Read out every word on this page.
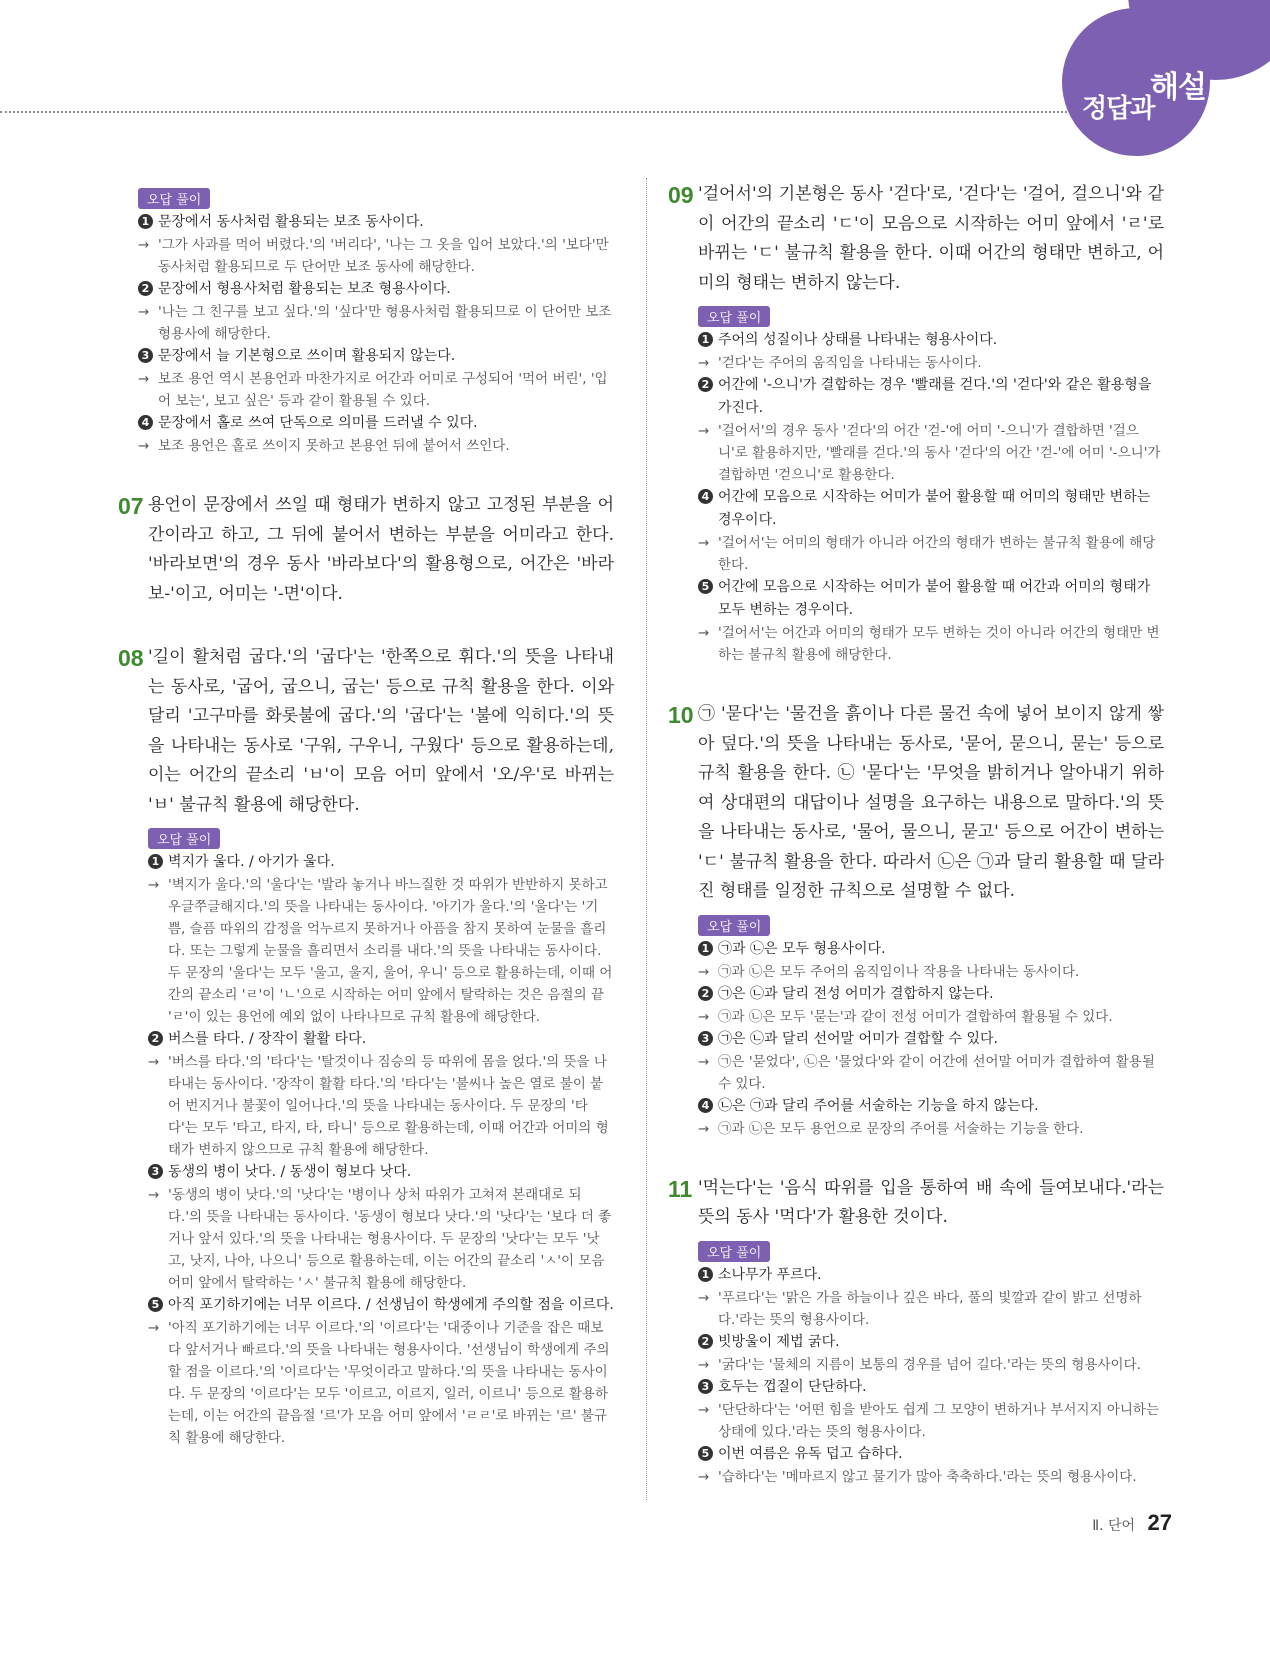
정답과
해설
오답 풀이

1 문장에서 동사처럼 활용되는 보조 동사이다.

→ '그가 사과를 먹어 버렸다.'의 '버리다', '나는 그 옷을 입어 보았다.'의 '보다'만 동사처럼 활용되므로 두 단어만 보조 동사에 해당한다.

2 문장에서 형용사처럼 활용되는 보조 형용사이다.

→ '나는 그 친구를 보고 싶다.'의 '싶다'만 형용사처럼 활용되므로 이 단어만 보조 형용사에 해당한다.

3 문장에서 늘 기본형으로 쓰이며 활용되지 않는다.

→ 보조 용언 역시 본용언과 마찬가지로 어간과 어미로 구성되어 '먹어 버린', '입어 보는', 보고 싶은' 등과 같이 활용될 수 있다.

4 문장에서 홀로 쓰여 단독으로 의미를 드러낼 수 있다.

→ 보조 용언은 홀로 쓰이지 못하고 본용언 뒤에 붙어서 쓰인다.

07 용언이 문장에서 쓰일 때 형태가 변하지 않고 고정된 부분을 어간이라고 하고, 그 뒤에 붙어서 변하는 부분을 어미라고 한다. '바라보면'의 경우 동사 '바라보다'의 활용형으로, 어간은 '바라보-'이고, 어미는 '-면'이다.

08 '길이 활처럼 굽다.'의 '굽다'는 '한쪽으로 휘다.'의 뜻을 나타내는 동사로, '굽어, 굽으니, 굽는' 등으로 규칙 활용을 한다. 이와 달리 '고구마를 화롯불에 굽다.'의 '굽다'는 '불에 익히다.'의 뜻을 나타내는 동사로 '구워, 구우니, 구웠다' 등으로 활용하는데, 이는 어간의 끝소리 'ㅂ'이 모음 어미 앞에서 '오/우'로 바뀌는 'ㅂ' 불규칙 활용에 해당한다.

오답 풀이

1 벽지가 울다. / 아기가 울다.

→ '벽지가 울다.'의 '울다'는 '발라 놓거나 바느질한 것 따위가 반반하지 못하고 우글쭈글해지다.'의 뜻을 나타내는 동사이다. '아기가 울다.'의 '울다'는 '기쁨, 슬픔 따위의 감정을 억누르지 못하거나 아픔을 참지 못하여 눈물을 흘리다. 또는 그렇게 눈물을 흘리면서 소리를 내다.'의 뜻을 나타내는 동사이다. 두 문장의 '울다'는 모두 '울고, 울지, 울어, 우니' 등으로 활용하는데, 이때 어간의 끝소리 'ㄹ'이 'ㄴ'으로 시작하는 어미 앞에서 탈락하는 것은 음절의 끝 'ㄹ'이 있는 용언에 예외 없이 나타나므로 규칙 활용에 해당한다.

2 버스를 타다. / 장작이 활활 타다.

→ '버스를 타다.'의 '타다'는 '탈것이나 짐승의 등 따위에 몸을 얹다.'의 뜻을 나타내는 동사이다. '장작이 활활 타다.'의 '타다'는 '불씨나 높은 열로 불이 붙어 번지거나 불꽃이 일어나다.'의 뜻을 나타내는 동사이다. 두 문장의 '타다'는 모두 '타고, 타지, 타, 타니' 등으로 활용하는데, 이때 어간과 어미의 형태가 변하지 않으므로 규칙 활용에 해당한다.

3 동생의 병이 낫다. / 동생이 형보다 낫다.

→ '동생의 병이 낫다.'의 '낫다'는 '병이나 상처 따위가 고쳐져 본래대로 되다.'의 뜻을 나타내는 동사이다. '동생이 형보다 낫다.'의 '낫다'는 '보다 더 좋거나 앞서 있다.'의 뜻을 나타내는 형용사이다. 두 문장의 '낫다'는 모두 '낫고, 낫지, 나아, 나으니' 등으로 활용하는데, 이는 어간의 끝소리 'ㅅ'이 모음 어미 앞에서 탈락하는 'ㅅ' 불규칙 활용에 해당한다.

5 아직 포기하기에는 너무 이르다. / 선생님이 학생에게 주의할 점을 이르다.

→ '아직 포기하기에는 너무 이르다.'의 '이르다'는 '대중이나 기준을 잡은 때보다 앞서거나 빠르다.'의 뜻을 나타내는 형용사이다. '선생님이 학생에게 주의할 점을 이르다.'의 '이르다'는 '무엇이라고 말하다.'의 뜻을 나타내는 동사이다. 두 문장의 '이르다'는 모두 '이르고, 이르지, 일러, 이르니' 등으로 활용하는데, 이는 어간의 끝음절 '르'가 모음 어미 앞에서 'ㄹㄹ'로 바뀌는 '르' 불규칙 활용에 해당한다.

09 '걸어서'의 기본형은 동사 '걷다'로, '걷다'는 '걸어, 걸으니'와 같이 어간의 끝소리 'ㄷ'이 모음으로 시작하는 어미 앞에서 'ㄹ'로 바뀌는 'ㄷ' 불규칙 활용을 한다. 이때 어간의 형태만 변하고, 어미의 형태는 변하지 않는다.

오답 풀이

1 주어의 성질이나 상태를 나타내는 형용사이다.

→ '걷다'는 주어의 움직임을 나타내는 동사이다.

2 어간에 '-으니'가 결합하는 경우 '빨래를 걷다.'의 '걷다'와 같은 활용형을 가진다.

→ '걸어서'의 경우 동사 '걷다'의 어간 '걷-'에 어미 '-으니'가 결합하면 '걸으니'로 활용하지만, '빨래를 걷다.'의 동사 '걷다'의 어간 '걷-'에 어미 '-으니'가 결합하면 '걷으니'로 활용한다.

4 어간에 모음으로 시작하는 어미가 붙어 활용할 때 어미의 형태만 변하는 경우이다.

→ '걸어서'는 어미의 형태가 아니라 어간의 형태가 변하는 불규칙 활용에 해당한다.

5 어간에 모음으로 시작하는 어미가 붙어 활용할 때 어간과 어미의 형태가 모두 변하는 경우이다.

→ '걸어서'는 어간과 어미의 형태가 모두 변하는 것이 아니라 어간의 형태만 변하는 불규칙 활용에 해당한다.

10 ㉠ '묻다'는 '물건을 흙이나 다른 물건 속에 넣어 보이지 않게 쌓아 덮다.'의 뜻을 나타내는 동사로, '묻어, 묻으니, 묻는' 등으로 규칙 활용을 한다. ㉡ '묻다'는 '무엇을 밝히거나 알아내기 위하여 상대편의 대답이나 설명을 요구하는 내용으로 말하다.'의 뜻을 나타내는 동사로, '물어, 물으니, 묻고' 등으로 어간이 변하는 'ㄷ' 불규칙 활용을 한다. 따라서 ㉡은 ㉠과 달리 활용할 때 달라진 형태를 일정한 규칙으로 설명할 수 없다.

오답 풀이

1 ㉠과 ㉡은 모두 형용사이다.

→ ㉠과 ㉡은 모두 주어의 움직임이나 작용을 나타내는 동사이다.

2 ㉠은 ㉡과 달리 전성 어미가 결합하지 않는다.

→ ㉠과 ㉡은 모두 '묻는'과 같이 전성 어미가 결합하여 활용될 수 있다.

3 ㉠은 ㉡과 달리 선어말 어미가 결합할 수 있다.

→ ㉠은 '묻었다', ㉡은 '물었다'와 같이 어간에 선어말 어미가 결합하여 활용될 수 있다.

4 ㉡은 ㉠과 달리 주어를 서술하는 기능을 하지 않는다.

→ ㉠과 ㉡은 모두 용언으로 문장의 주어를 서술하는 기능을 한다.

11 '먹는다'는 '음식 따위를 입을 통하여 배 속에 들여보내다.'라는 뜻의 동사 '먹다'가 활용한 것이다.

오답 풀이

1 소나무가 푸르다.

→ '푸르다'는 '맑은 가을 하늘이나 깊은 바다, 풀의 빛깔과 같이 밝고 선명하다.'라는 뜻의 형용사이다.

2 빗방울이 제법 굵다.

→ '굵다'는 '물체의 지름이 보통의 경우를 넘어 길다.'라는 뜻의 형용사이다.

3 호두는 껍질이 단단하다.

→ '단단하다'는 '어떤 힘을 받아도 쉽게 그 모양이 변하거나 부서지지 아니하는 상태에 있다.'라는 뜻의 형용사이다.

5 이번 여름은 유독 덥고 습하다.

→ '습하다'는 '메마르지 않고 물기가 많아 축축하다.'라는 뜻의 형용사이다.

Ⅱ. 단어 27
